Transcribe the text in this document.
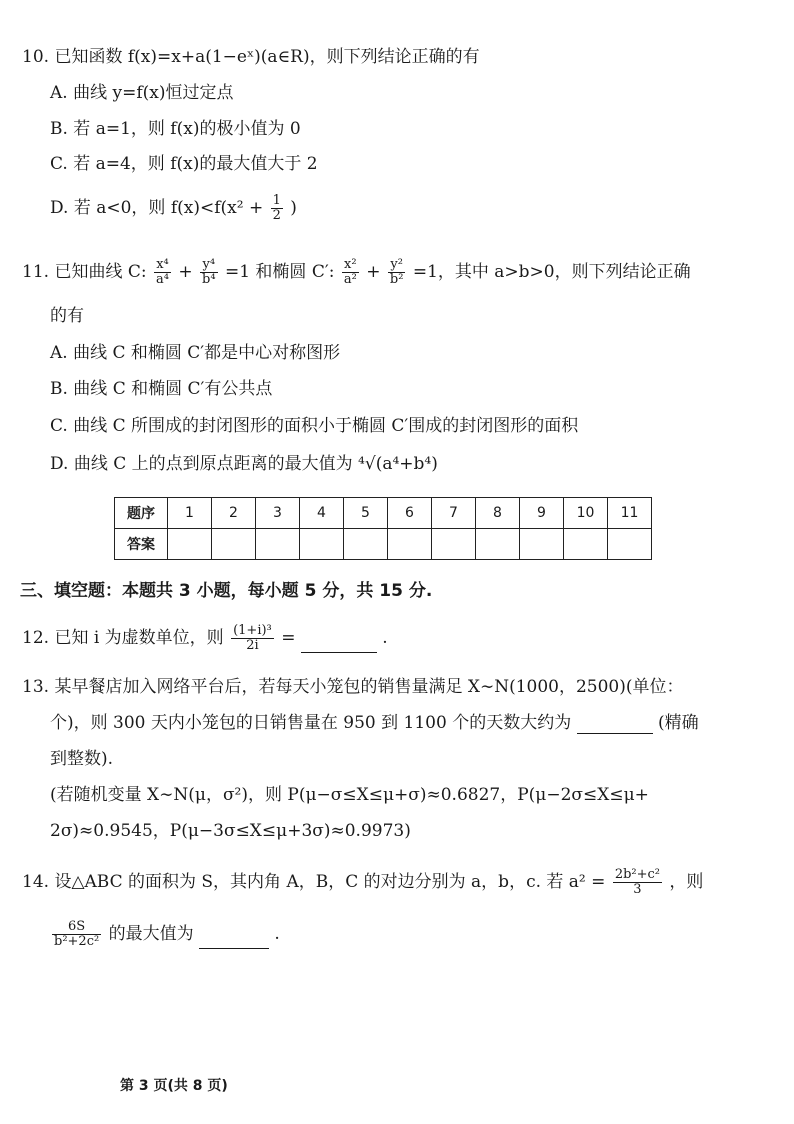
10. 已知函数 f(x)=x+a(1−eˣ)(a∈R)，则下列结论正确的有
A. 曲线 y=f(x)恒过定点
B. 若 a=1，则 f(x)的极小值为 0
C. 若 a=4，则 f(x)的最大值大于 2
D. 若 a<0，则 $f(x)<f(x^2 + \frac{1}{2}$ )
11. 已知曲线 C: $\frac{\text{x⁴}}{\text{a⁴}} + \frac{\text{y⁴}}{\text{b⁴}} =1$ 和椭圆 C′: $\frac{\text{x²}}{\text{a²}} + \frac{\text{y²}}{\text{b²}} =1$，其中 a>b>0，则下列结论正确
的有
A. 曲线 C 和椭圆 C′都是中心对称图形
B. 曲线 C 和椭圆 C′有公共点
C. 曲线 C 所围成的封闭图形的面积小于椭圆 C′围成的封闭图形的面积
D. 曲线 C 上的点到原点距离的最大值为 ⁴√(a⁴+b⁴)
题序	1	2	3	4	5	6	7	8	9	10	11
答案											
三、填空题：本题共 3 小题，每小题 5 分，共 15 分.
12. 已知 i 为虚数单位，则 $\frac{\text{(1+i)³}}{2i}$ =	.
13. 某早餐店加入网络平台后，若每天小笼包的销售量满足 X∼N(1000，2500)(单位：
个)，则 300 天内小笼包的日销售量在 950 到 1100 个的天数大约为	(精确
到整数).
(若随机变量 X∼N(μ，σ²)，则 P(μ−σ≤X≤μ+σ)≈0.6827，P(μ−2σ≤X≤μ+
2σ)≈0.9545，P(μ−3σ≤X≤μ+3σ)≈0.9973)
14. 设△ABC 的面积为 S，其内角 A，B，C 的对边分别为 a，b，c. 若 $a^2 = \frac{\text{2b²+c²}}{3}$ ，则
$\frac{6S}{\text{b²+2c²}}$ 的最大值为	.
第 3 页(共 8 页)
